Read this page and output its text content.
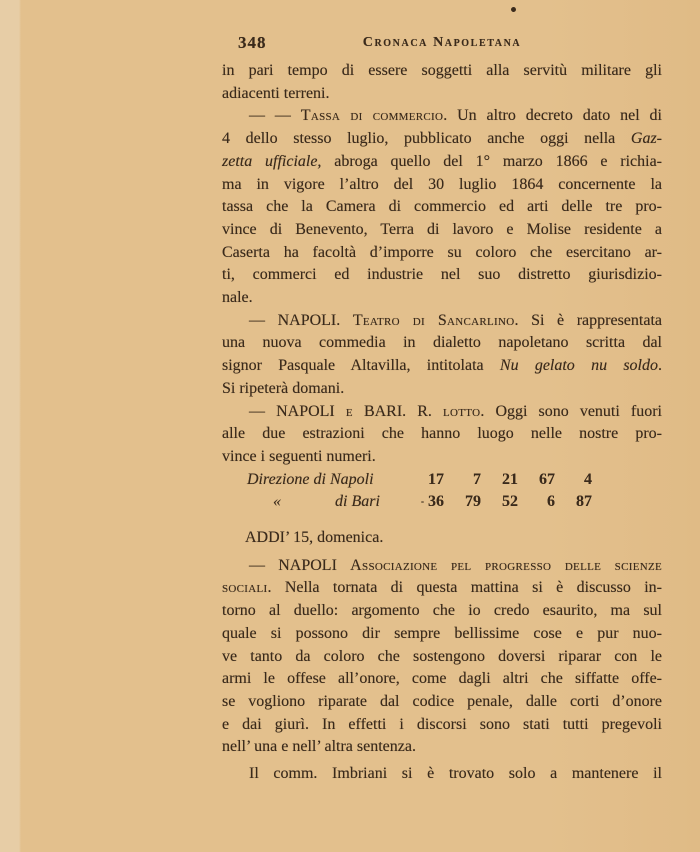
348	Cronaca Napoletana
in pari tempo di essere soggetti alla servitù militare gli
adiacenti terreni.
— — Tassa di commercio. Un altro decreto dato nel di
4 dello stesso luglio, pubblicato anche oggi nella Gaz-
zetta ufficiale, abroga quello del 1° marzo 1866 e richia-
ma in vigore l’altro del 30 luglio 1864 concernente la
tassa che la Camera di commercio ed arti delle tre pro-
vince di Benevento, Terra di lavoro e Molise residente a
Caserta ha facoltà d’imporre su coloro che esercitano ar-
ti, commerci ed industrie nel suo distretto giurisdizio-
nale.
— NAPOLI. Teatro di Sancarlino. Si è rappresentata
una nuova commedia in dialetto napoletano scritta dal
signor Pasquale Altavilla, intitolata Nu gelato nu soldo.
Si ripeterà domani.
— NAPOLI e BARI. R. lotto. Oggi sono venuti fuori
alle due estrazioni che hanno luogo nelle nostre pro-
vince i seguenti numeri.
Direzione di Napoli	17	7	21	67	4
«	di Bari	36	79	52	6	87
ADDI’ 15, domenica.
— NAPOLI Associazione pel progresso delle scienze
sociali. Nella tornata di questa mattina si è discusso in-
torno al duello: argomento che io credo esaurito, ma sul
quale si possono dir sempre bellissime cose e pur nuo-
ve tanto da coloro che sostengono doversi riparar con le
armi le offese all’onore, come dagli altri che siffatte offe-
se vogliono riparate dal codice penale, dalle corti d’onore
e dai giurì. In effetti i discorsi sono stati tutti pregevoli
nell’ una e nell’ altra sentenza.
Il comm. Imbriani si è trovato solo a mantenere il
